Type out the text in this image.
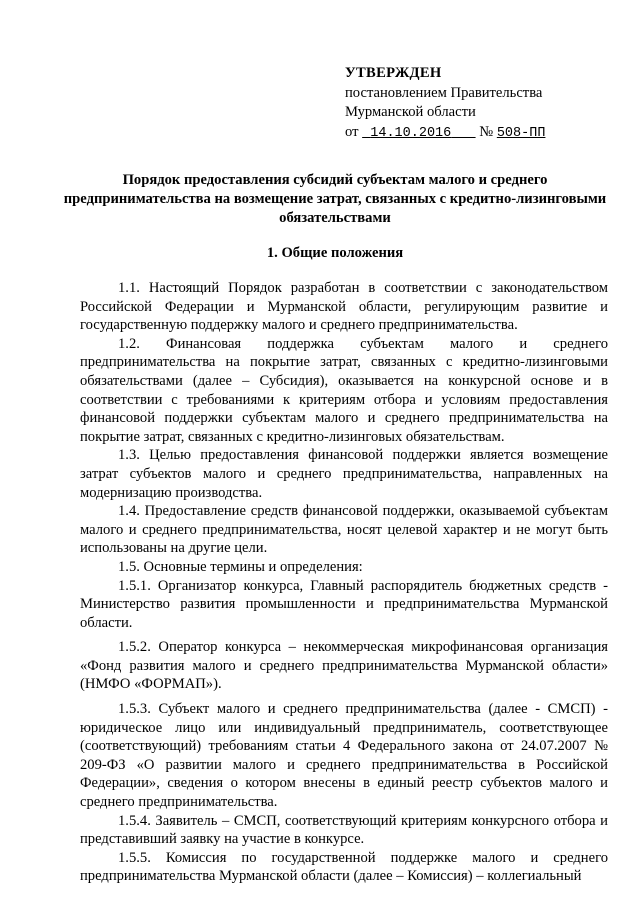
УТВЕРЖДЕН
постановлением Правительства
Мурманской области
от 14.10.2016 № 508-ПП
Порядок предоставления субсидий субъектам малого и среднего предпринимательства на возмещение затрат, связанных с кредитно-лизинговыми обязательствами
1. Общие положения

1.1. Настоящий Порядок разработан в соответствии с законодательством Российской Федерации и Мурманской области, регулирующим развитие и государственную поддержку малого и среднего предпринимательства.

1.2. Финансовая поддержка субъектам малого и среднего предпринимательства на покрытие затрат, связанных с кредитно-лизинговыми обязательствами (далее – Субсидия), оказывается на конкурсной основе и в соответствии с требованиями к критериям отбора и условиям предоставления финансовой поддержки субъектам малого и среднего предпринимательства на покрытие затрат, связанных с кредитно-лизинговых обязательствам.

1.3. Целью предоставления финансовой поддержки является возмещение затрат субъектов малого и среднего предпринимательства, направленных на модернизацию производства.

1.4. Предоставление средств финансовой поддержки, оказываемой субъектам малого и среднего предпринимательства, носят целевой характер и не могут быть использованы на другие цели.

1.5. Основные термины и определения:

1.5.1. Организатор конкурса, Главный распорядитель бюджетных средств - Министерство развития промышленности и предпринимательства Мурманской области.

1.5.2. Оператор конкурса – некоммерческая микрофинансовая организация «Фонд развития малого и среднего предпринимательства Мурманской области» (НМФО «ФОРМАП»).

1.5.3. Субъект малого и среднего предпринимательства (далее - СМСП) - юридическое лицо или индивидуальный предприниматель, соответствующее (соответствующий) требованиям статьи 4 Федерального закона от 24.07.2007 № 209-ФЗ «О развитии малого и среднего предпринимательства в Российской Федерации», сведения о котором внесены в единый реестр субъектов малого и среднего предпринимательства.

1.5.4. Заявитель – СМСП, соответствующий критериям конкурсного отбора и представивший заявку на участие в конкурсе.

1.5.5. Комиссия по государственной поддержке малого и среднего предпринимательства Мурманской области (далее – Комиссия) – коллегиальный
